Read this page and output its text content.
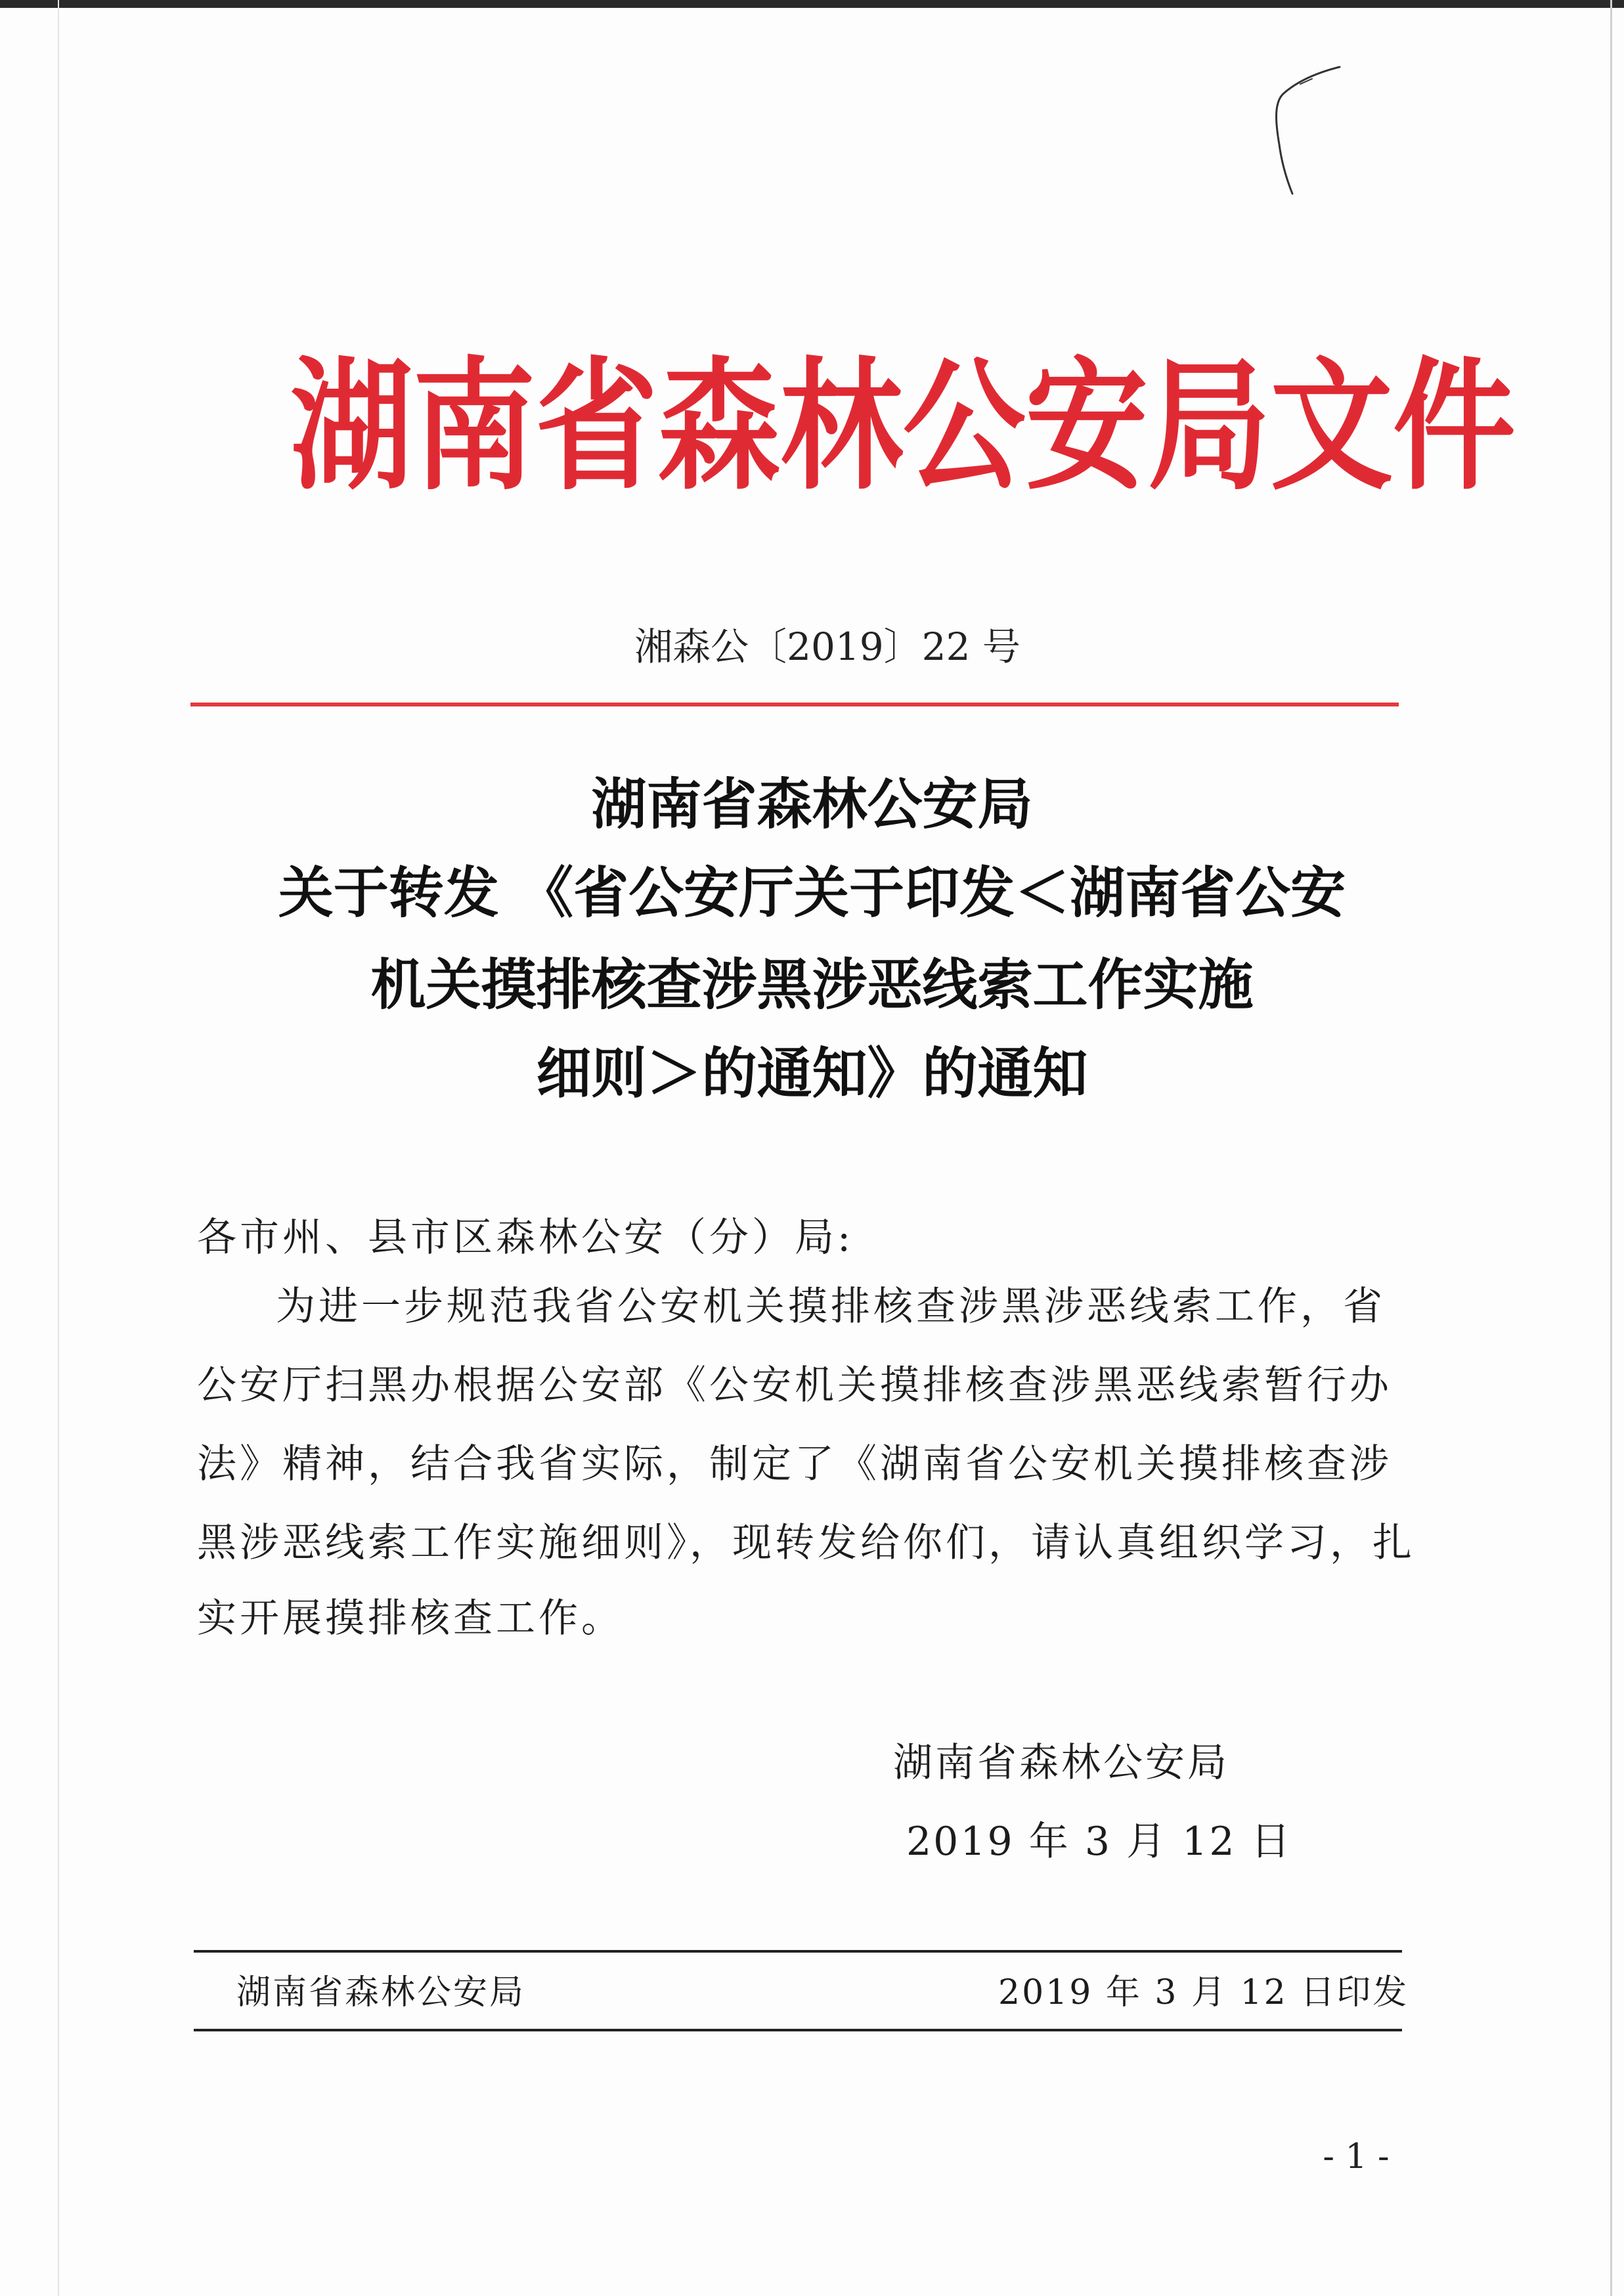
湖南省森林公安局文件
湘森公〔2019〕22 号
湖南省森林公安局
关于转发 《省公安厅关于印发＜湖南省公安
机关摸排核查涉黑涉恶线索工作实施
细则＞的通知》的通知
各市州、县市区森林公安（分）局:
为进一步规范我省公安机关摸排核查涉黑涉恶线索工作，省
公安厅扫黑办根据公安部《公安机关摸排核查涉黑恶线索暂行办
法》精神，结合我省实际，制定了《湖南省公安机关摸排核查涉
黑涉恶线索工作实施细则》，现转发给你们，请认真组织学习，扎
实开展摸排核查工作。
湖南省森林公安局
2019 年 3 月 12 日
湖南省森林公安局	2019 年 3 月 12 日印发
- 1 -
